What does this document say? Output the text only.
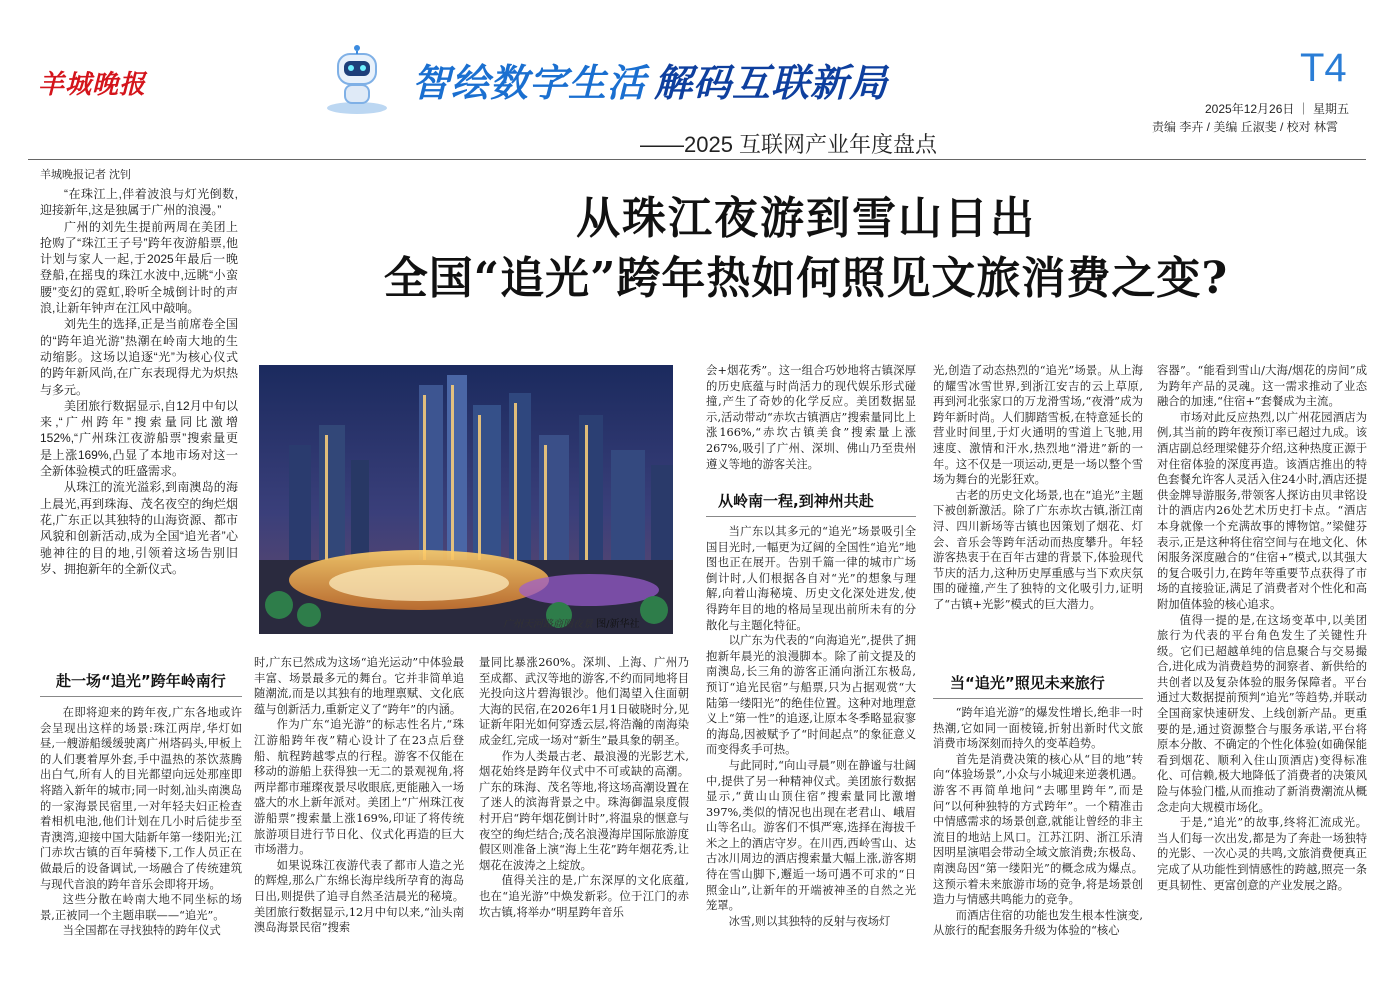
羊城晚报	智绘数字生活 解码互联新局
——2025 互联网产业年度盘点
T4
2025年12月26日 ｜ 星期五
责编 李卉 / 美编 丘淑斐 / 校对 林霄
羊城晚报记者 沈钊

“在珠江上,伴着波浪与灯光倒数,迎接新年,这是独属于广州的浪漫。”

广州的刘先生提前两周在美团上抢购了“珠江王子号”跨年夜游船票,他计划与家人一起,于2025年最后一晚登船,在摇曳的珠江水波中,远眺“小蛮腰”变幻的霓虹,聆听全城倒计时的声浪,让新年钟声在江风中敲响。

刘先生的选择,正是当前席卷全国的“跨年追光游”热潮在岭南大地的生动缩影。这场以追逐“光”为核心仪式的跨年新风尚,在广东表现得尤为炽热与多元。

美团旅行数据显示,自12月中旬以来,“广州跨年”搜索量同比激增152%,“广州珠江夜游船票”搜索量更是上涨169%,凸显了本地市场对这一全新体验模式的旺盛需求。

从珠江的流光溢彩,到南澳岛的海上晨光,再到珠海、茂名夜空的绚烂烟花,广东正以其独特的山海资源、都市风貌和创新活动,成为全国“追光者”心驰神往的目的地,引领着这场告别旧岁、拥抱新年的全新仪式。

从珠江夜游到雪山日出
全国“追光”跨年热如何照见文旅消费之变?
广州天河路商圈夜景 图/新华社
赴一场“追光”跨年岭南行

在即将迎来的跨年夜,广东各地或许会呈现出这样的场景:珠江两岸,华灯如昼,一艘游船缓缓驶离广州塔码头,甲板上的人们裹着厚外套,手中温热的茶饮蒸腾出白气,所有人的目光都望向远处那座即将踏入新年的城市;同一时刻,汕头南澳岛的一家海景民宿里,一对年轻夫妇正检查着相机电池,他们计划在几小时后徒步至青澳湾,迎接中国大陆新年第一缕阳光;江门赤坎古镇的百年骑楼下,工作人员正在做最后的设备调试,一场融合了传统建筑与现代音浪的跨年音乐会即将开场。

这些分散在岭南大地不同坐标的场景,正被同一个主题串联——“追光”。

当全国都在寻找独特的跨年仪式

时,广东已然成为这场“追光运动”中体验最丰富、场景最多元的舞台。它并非简单追随潮流,而是以其独有的地理禀赋、文化底蕴与创新活力,重新定义了“跨年”的内涵。

作为广东“追光游”的标志性名片,“珠江游船跨年夜”精心设计了在23点后登船、航程跨越零点的行程。游客不仅能在移动的游船上获得独一无二的景观视角,将两岸都市璀璨夜景尽收眼底,更能融入一场盛大的水上新年派对。美团上“广州珠江夜游船票”搜索量上涨169%,印证了将传统旅游项目进行节日化、仪式化再造的巨大市场潜力。

如果说珠江夜游代表了都市人造之光的辉煌,那么广东绵长海岸线所孕育的海岛日出,则提供了追寻自然圣洁晨光的秘境。美团旅行数据显示,12月中旬以来,“汕头南澳岛海景民宿”搜索

量同比暴涨260%。深圳、上海、广州乃至成都、武汉等地的游客,不约而同地将目光投向这片碧海银沙。他们渴望入住面朝大海的民宿,在2026年1月1日破晓时分,见证新年阳光如何穿透云层,将浩瀚的南海染成金红,完成一场对“新生”最具象的朝圣。

作为人类最古老、最浪漫的光影艺术,烟花始终是跨年仪式中不可或缺的高潮。广东的珠海、茂名等地,将这场高潮设置在了迷人的滨海背景之中。珠海御温泉度假村开启“跨年烟花倒计时”,将温泉的惬意与夜空的绚烂结合;茂名浪漫海岸国际旅游度假区则准备上演“海上生花”跨年烟花秀,让烟花在波涛之上绽放。

值得关注的是,广东深厚的文化底蕴,也在“追光游”中焕发新彩。位于江门的赤坎古镇,将举办“明星跨年音乐

会+烟花秀”。这一组合巧妙地将古镇深厚的历史底蕴与时尚活力的现代娱乐形式碰撞,产生了奇妙的化学反应。美团数据显示,活动带动“赤坎古镇酒店”搜索量同比上涨166%,“赤坎古镇美食”搜索量上涨267%,吸引了广州、深圳、佛山乃至贵州遵义等地的游客关注。

从岭南一程,到神州共赴

当广东以其多元的“追光”场景吸引全国目光时,一幅更为辽阔的全国性“追光”地图也正在展开。告别千篇一律的城市广场倒计时,人们根据各自对“光”的想象与理解,向着山海秘境、历史文化深处进发,使得跨年目的地的格局呈现出前所未有的分散化与主题化特征。

以广东为代表的“向海追光”,提供了拥抱新年晨光的浪漫脚本。除了前文提及的南澳岛,长三角的游客正涌向浙江东极岛,预订“追光民宿”与船票,只为占据观赏“大陆第一缕阳光”的绝佳位置。这种对地理意义上“第一性”的追逐,让原本冬季略显寂寥的海岛,因被赋予了“时间起点”的象征意义而变得炙手可热。

与此同时,“向山寻晨”则在静谧与壮阔中,提供了另一种精神仪式。美团旅行数据显示,“黄山山顶住宿”搜索量同比激增397%,类似的情况也出现在老君山、峨眉山等名山。游客们不惧严寒,选择在海拔千米之上的酒店守岁。在川西,西岭雪山、达古冰川周边的酒店搜索量大幅上涨,游客期待在雪山脚下,邂逅一场可遇不可求的“日照金山”,让新年的开端被神圣的自然之光笼罩。

冰雪,则以其独特的反射与夜场灯

光,创造了动态热烈的“追光”场景。从上海的耀雪冰雪世界,到浙江安吉的云上草原,再到河北张家口的万龙滑雪场,“夜滑”成为跨年新时尚。人们脚踏雪板,在特意延长的营业时间里,于灯火通明的雪道上飞驰,用速度、激情和汗水,热烈地“滑进”新的一年。这不仅是一项运动,更是一场以整个雪场为舞台的光影狂欢。

古老的历史文化场景,也在“追光”主题下被创新激活。除了广东赤坎古镇,浙江南浔、四川新场等古镇也因策划了烟花、灯会、音乐会等跨年活动而热度攀升。年轻游客热衷于在百年古建的背景下,体验现代节庆的活力,这种历史厚重感与当下欢庆氛围的碰撞,产生了独特的文化吸引力,证明了“古镇+光影”模式的巨大潜力。

当“追光”照见未来旅行

“跨年追光游”的爆发性增长,绝非一时热潮,它如同一面棱镜,折射出新时代文旅消费市场深刻而持久的变革趋势。

首先是消费决策的核心从“目的地”转向“体验场景”,小众与小城迎来逆袭机遇。游客不再简单地问“去哪里跨年”,而是问“以何种独特的方式跨年”。一个精准击中情感需求的场景创意,就能让曾经的非主流目的地站上风口。江苏江阴、浙江乐清因明星演唱会带动全域文旅消费;东极岛、南澳岛因“第一缕阳光”的概念成为爆点。这预示着未来旅游市场的竞争,将是场景创造力与情感共鸣能力的竞争。

而酒店住宿的功能也发生根本性演变,从旅行的配套服务升级为体验的“核心

容器”。“能看到雪山/大海/烟花的房间”成为跨年产品的灵魂。这一需求推动了业态融合的加速,“住宿+”套餐成为主流。

市场对此反应热烈,以广州花园酒店为例,其当前的跨年夜预订率已超过九成。该酒店副总经理梁健芬介绍,这种热度正源于对住宿体验的深度再造。该酒店推出的特色套餐允许客人灵活入住24小时,酒店还提供金牌导游服务,带领客人探访由贝聿铭设计的酒店内26处艺术历史打卡点。“酒店本身就像一个充满故事的博物馆。”梁健芬表示,正是这种将住宿空间与在地文化、休闲服务深度融合的“住宿+”模式,以其强大的复合吸引力,在跨年等重要节点获得了市场的直接验证,满足了消费者对个性化和高附加值体验的核心追求。

值得一提的是,在这场变革中,以美团旅行为代表的平台角色发生了关键性升级。它们已超越单纯的信息聚合与交易撮合,进化成为消费趋势的洞察者、新供给的共创者以及复杂体验的服务保障者。平台通过大数据提前预判“追光”等趋势,并联动全国商家快速研发、上线创新产品。更重要的是,通过资源整合与服务承诺,平台将原本分散、不确定的个性化体验(如确保能看到烟花、顺利入住山顶酒店)变得标准化、可信赖,极大地降低了消费者的决策风险与体验门槛,从而推动了新消费潮流从概念走向大规模市场化。

于是,“追光”的故事,终将汇流成光。当人们每一次出发,都是为了奔赴一场独特的光影、一次心灵的共鸣,文旅消费便真正完成了从功能性到情感性的跨越,照亮一条更具韧性、更富创意的产业发展之路。
